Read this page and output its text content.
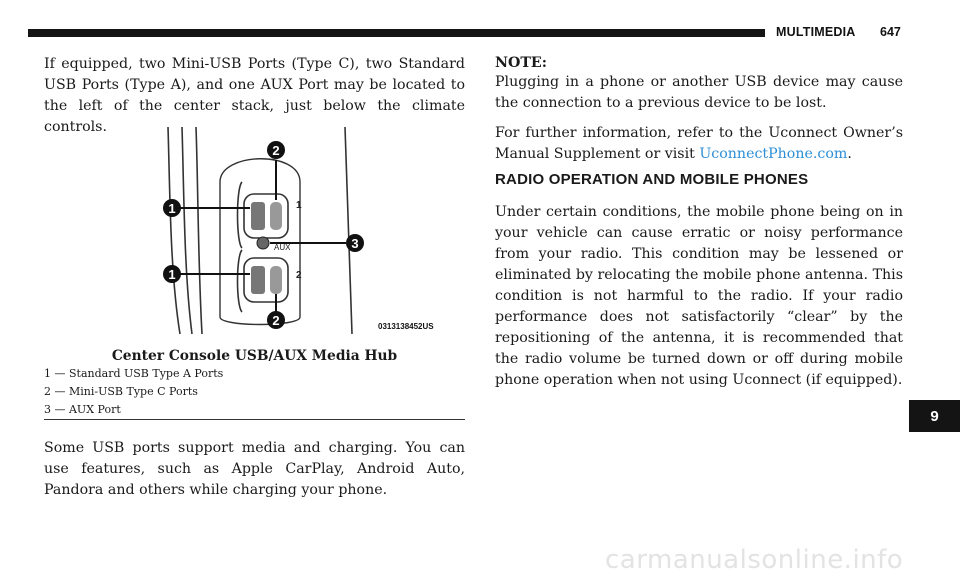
MULTIMEDIA 647

If equipped, two Mini-USB Ports (Type C), two Standard USB Ports (Type A), and one AUX Port may be located to the left of the center stack, just below the climate controls.

1
2
AUX
1
1
2
2
3
0313138452US
Center Console USB/AUX Media Hub
1 — Standard USB Type A Ports
2 — Mini-USB Type C Ports
3 — AUX Port

Some USB ports support media and charging. You can use features, such as Apple CarPlay, Android Auto, Pandora and others while charging your phone.

NOTE:

Plugging in a phone or another USB device may cause the connection to a previous device to be lost.

For further information, refer to the Uconnect Owner’s Manual Supplement or visit UconnectPhone.com.

RADIO OPERATION AND MOBILE PHONES

Under certain conditions, the mobile phone being on in your vehicle can cause erratic or noisy performance from your radio. This condition may be lessened or eliminated by relocating the mobile phone antenna. This condition is not harmful to the radio. If your radio performance does not satisfactorily “clear” by the repositioning of the antenna, it is recommended that the radio volume be turned down or off during mobile phone operation when not using Uconnect (if equipped).

9
carmanualsonline.info
